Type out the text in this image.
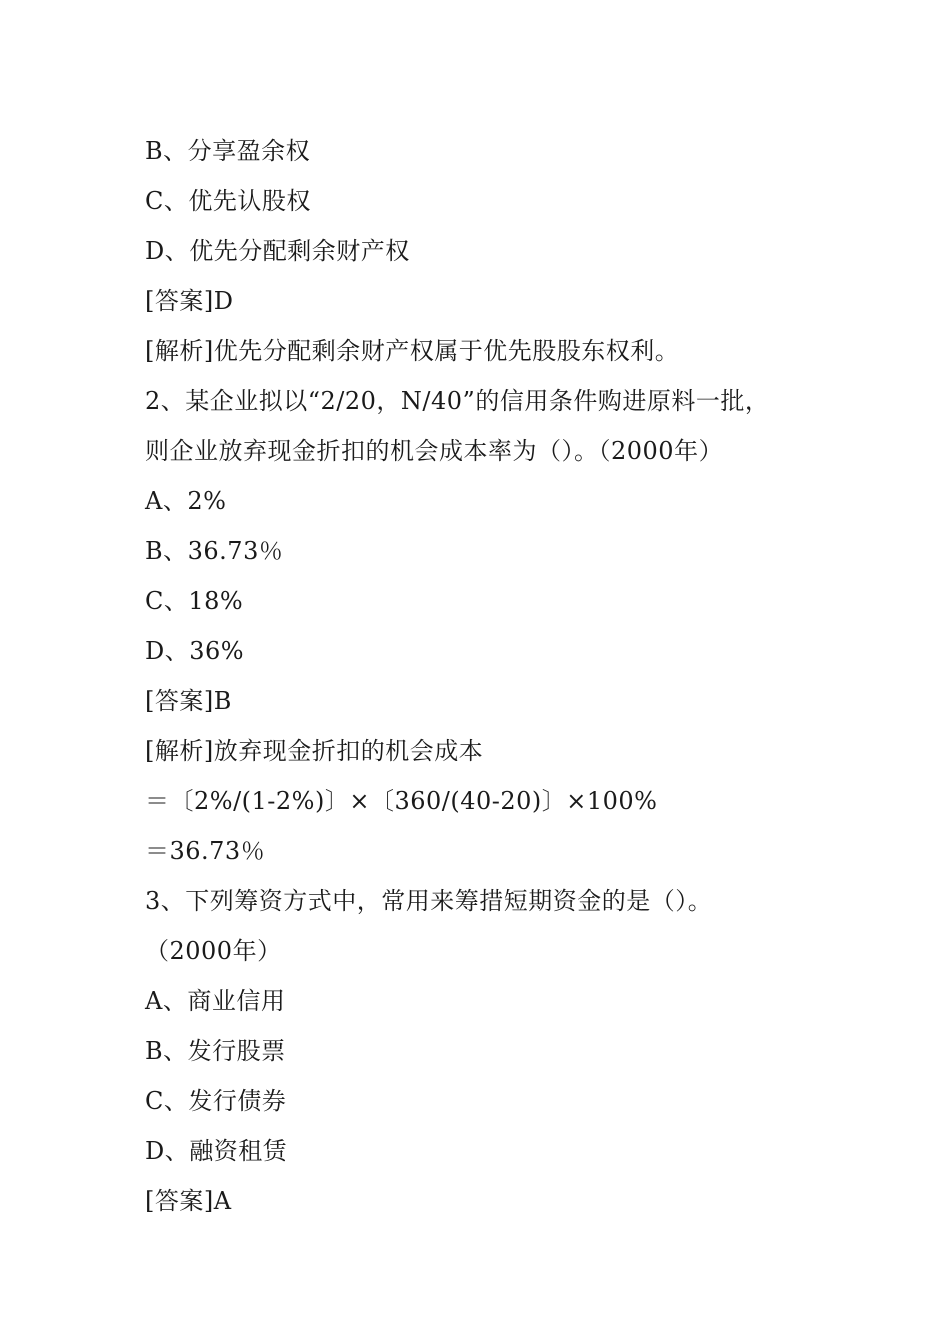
B、分享盈余权
C、优先认股权
D、优先分配剩余财产权
[答案]D
[解析]优先分配剩余财产权属于优先股股东权利。
2、某企业拟以“2/20，N/40”的信用条件购进原料一批，
则企业放弃现金折扣的机会成本率为（）。（2000年）
A、2%
B、36.73％
C、18%
D、36%
[答案]B
[解析]放弃现金折扣的机会成本
＝〔2%/(1-2%)〕×〔360/(40-20)〕×100%
＝36.73％
3、下列筹资方式中，常用来筹措短期资金的是（）。
（2000年）
A、商业信用
B、发行股票
C、发行债券
D、融资租赁
[答案]A
